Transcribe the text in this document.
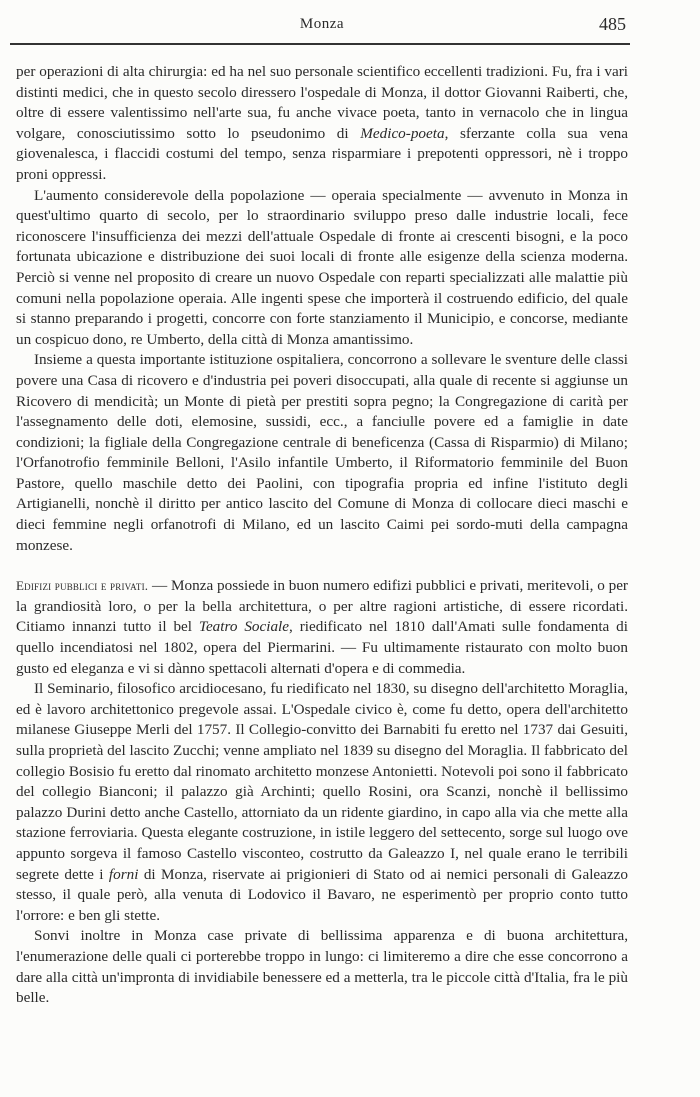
Monza	485

per operazioni di alta chirurgia: ed ha nel suo personale scientifico eccellenti tradizioni. Fu, fra i vari distinti medici, che in questo secolo diressero l'ospedale di Monza, il dottor Giovanni Raiberti, che, oltre di essere valentissimo nell'arte sua, fu anche vivace poeta, tanto in vernacolo che in lingua volgare, conosciutissimo sotto lo pseudonimo di Medico-poeta, sferzante colla sua vena giovenalesca, i flaccidi costumi del tempo, senza risparmiare i prepotenti oppressori, nè i troppo proni oppressi.

L'aumento considerevole della popolazione — operaia specialmente — avvenuto in Monza in quest'ultimo quarto di secolo, per lo straordinario sviluppo preso dalle industrie locali, fece riconoscere l'insufficienza dei mezzi dell'attuale Ospedale di fronte ai crescenti bisogni, e la poco fortunata ubicazione e distribuzione dei suoi locali di fronte alle esigenze della scienza moderna. Perciò si venne nel proposito di creare un nuovo Ospedale con reparti specializzati alle malattie più comuni nella popolazione operaia. Alle ingenti spese che importerà il costruendo edificio, del quale si stanno preparando i progetti, concorre con forte stanziamento il Municipio, e concorse, mediante un cospicuo dono, re Umberto, della città di Monza amantissimo.

Insieme a questa importante istituzione ospitaliera, concorrono a sollevare le sventure delle classi povere una Casa di ricovero e d'industria pei poveri disoccupati, alla quale di recente si aggiunse un Ricovero di mendicità; un Monte di pietà per prestiti sopra pegno; la Congregazione di carità per l'assegnamento delle doti, elemosine, sussidi, ecc., a fanciulle povere ed a famiglie in date condizioni; la figliale della Congregazione centrale di beneficenza (Cassa di Risparmio) di Milano; l'Orfanotrofio femminile Belloni, l'Asilo infantile Umberto, il Riformatorio femminile del Buon Pastore, quello maschile detto dei Paolini, con tipografia propria ed infine l'istituto degli Artigianelli, nonchè il diritto per antico lascito del Comune di Monza di collocare dieci maschi e dieci femmine negli orfanotrofi di Milano, ed un lascito Caimi pei sordo-muti della campagna monzese.

Edifizi pubblici e privati. — Monza possiede in buon numero edifizi pubblici e privati, meritevoli, o per la grandiosità loro, o per la bella architettura, o per altre ragioni artistiche, di essere ricordati. Citiamo innanzi tutto il bel Teatro Sociale, riedificato nel 1810 dall'Amati sulle fondamenta di quello incendiatosi nel 1802, opera del Piermarini. — Fu ultimamente ristaurato con molto buon gusto ed eleganza e vi si dànno spettacoli alternati d'opera e di commedia.

Il Seminario, filosofico arcidiocesano, fu riedificato nel 1830, su disegno dell'architetto Moraglia, ed è lavoro architettonico pregevole assai. L'Ospedale civico è, come fu detto, opera dell'architetto milanese Giuseppe Merli del 1757. Il Collegio-convitto dei Barnabiti fu eretto nel 1737 dai Gesuiti, sulla proprietà del lascito Zucchi; venne ampliato nel 1839 su disegno del Moraglia. Il fabbricato del collegio Bosisio fu eretto dal rinomato architetto monzese Antonietti. Notevoli poi sono il fabbricato del collegio Bianconi; il palazzo già Archinti; quello Rosini, ora Scanzi, nonchè il bellissimo palazzo Durini detto anche Castello, attorniato da un ridente giardino, in capo alla via che mette alla stazione ferroviaria. Questa elegante costruzione, in istile leggero del settecento, sorge sul luogo ove appunto sorgeva il famoso Castello visconteo, costrutto da Galeazzo I, nel quale erano le terribili segrete dette i forni di Monza, riservate ai prigionieri di Stato od ai nemici personali di Galeazzo stesso, il quale però, alla venuta di Lodovico il Bavaro, ne esperimentò per proprio conto tutto l'orrore: e ben gli stette.

Sonvi inoltre in Monza case private di bellissima apparenza e di buona architettura, l'enumerazione delle quali ci porterebbe troppo in lungo: ci limiteremo a dire che esse concorrono a dare alla città un'impronta di invidiabile benessere ed a metterla, tra le piccole città d'Italia, fra le più belle.
